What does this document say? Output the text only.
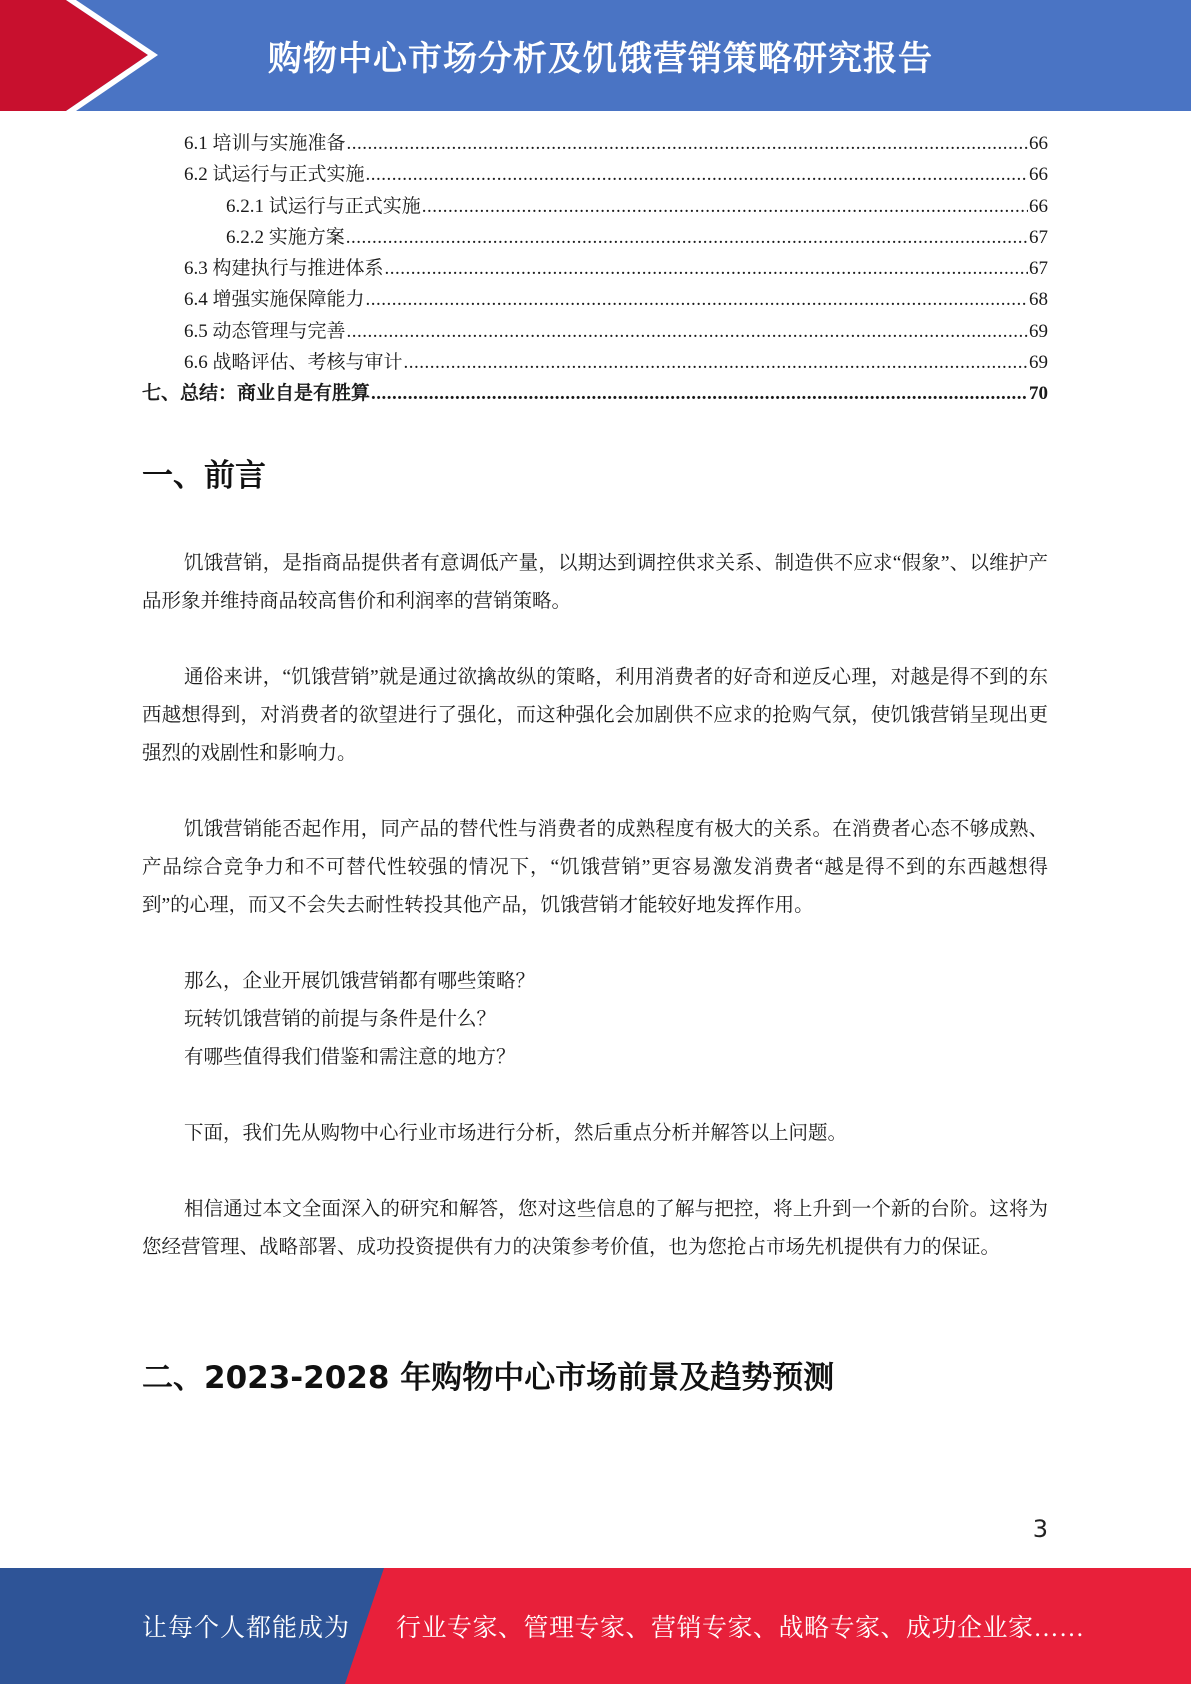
购物中心市场分析及饥饿营销策略研究报告
6.1 培训与实施准备 .....	66
6.2 试运行与正式实施 .....	66
6.2.1 试运行与正式实施 .....	66
6.2.2 实施方案 .....	67
6.3 构建执行与推进体系 .....	67
6.4 增强实施保障能力 .....	68
6.5 动态管理与完善 .....	69
6.6 战略评估、考核与审计 .....	69
七、总结：商业自是有胜算 .....	70
一、前言
饥饿营销，是指商品提供者有意调低产量，以期达到调控供求关系、制造供不应求“假象”、以维护产品形象并维持商品较高售价和利润率的营销策略。
通俗来讲，“饥饿营销”就是通过欲擒故纵的策略，利用消费者的好奇和逆反心理，对越是得不到的东西越想得到，对消费者的欲望进行了强化，而这种强化会加剧供不应求的抢购气氛，使饥饿营销呈现出更强烈的戏剧性和影响力。
饥饿营销能否起作用，同产品的替代性与消费者的成熟程度有极大的关系。在消费者心态不够成熟、产品综合竞争力和不可替代性较强的情况下，“饥饿营销”更容易激发消费者“越是得不到的东西越想得到”的心理，而又不会失去耐性转投其他产品，饥饿营销才能较好地发挥作用。
那么，企业开展饥饿营销都有哪些策略？
玩转饥饿营销的前提与条件是什么？
有哪些值得我们借鉴和需注意的地方？
下面，我们先从购物中心行业市场进行分析，然后重点分析并解答以上问题。
相信通过本文全面深入的研究和解答，您对这些信息的了解与把控，将上升到一个新的台阶。这将为您经营管理、战略部署、成功投资提供有力的决策参考价值，也为您抢占市场先机提供有力的保证。
二、2023-2028 年购物中心市场前景及趋势预测
3
让每个人都能成为 行业专家、管理专家、营销专家、战略专家、成功企业家……
